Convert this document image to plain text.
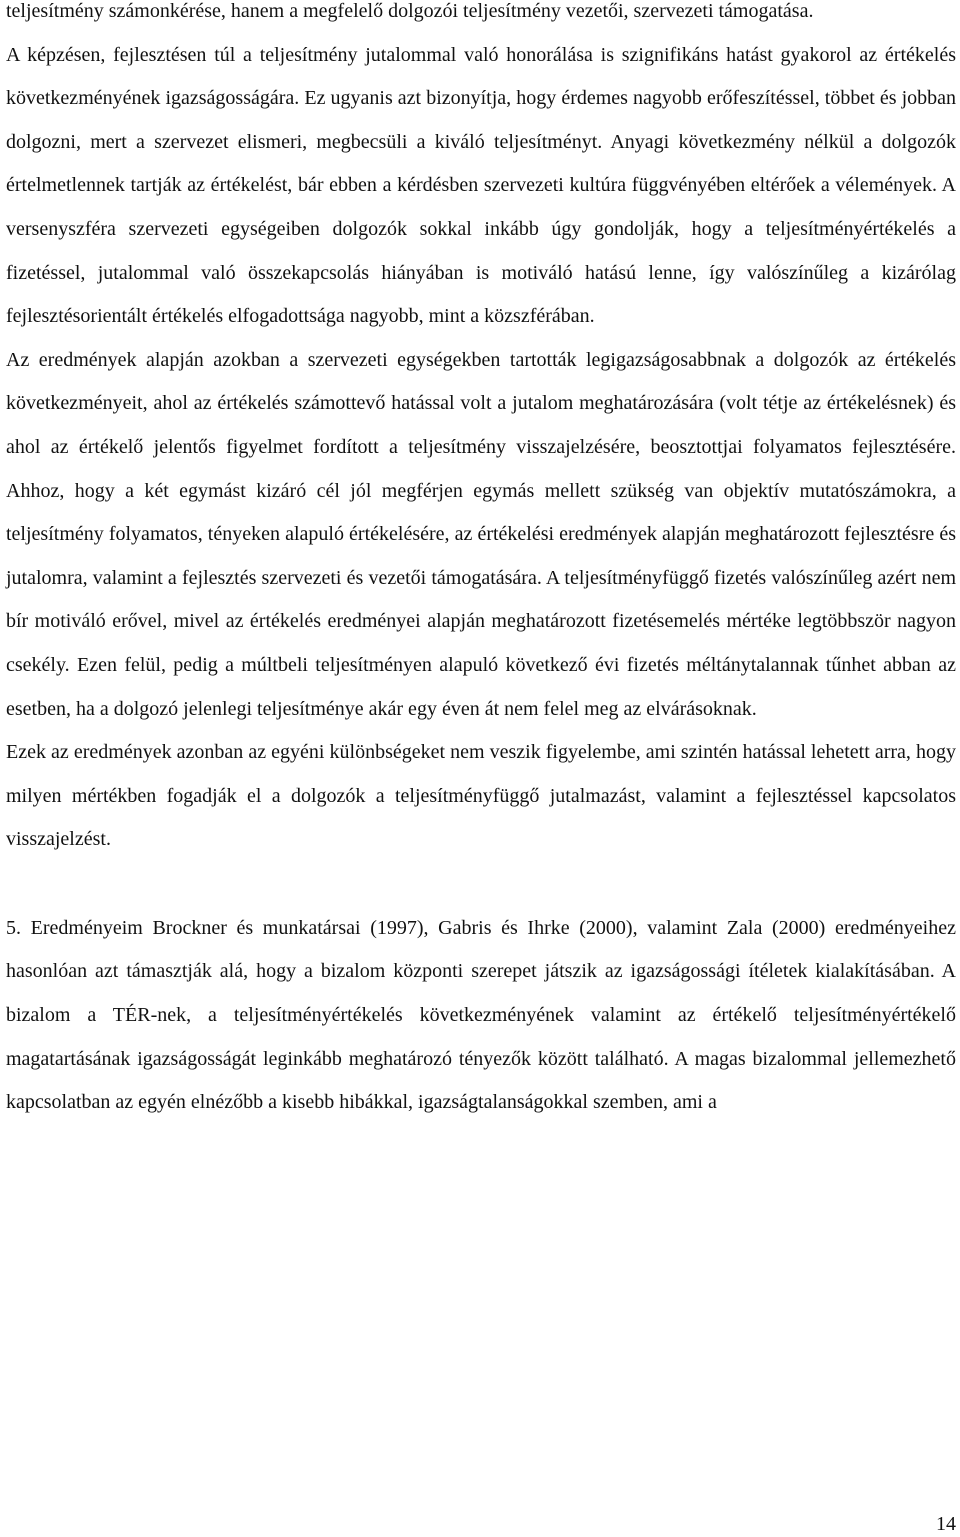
teljesítmény számonkérése, hanem a megfelelő dolgozói teljesítmény vezetői, szervezeti támogatása.

A képzésen, fejlesztésen túl a teljesítmény jutalommal való honorálása is szignifikáns hatást gyakorol az értékelés következményének igazságosságára. Ez ugyanis azt bizonyítja, hogy érdemes nagyobb erőfeszítéssel, többet és jobban dolgozni, mert a szervezet elismeri, megbecsüli a kiváló teljesítményt. Anyagi következmény nélkül a dolgozók értelmetlennek tartják az értékelést, bár ebben a kérdésben szervezeti kultúra függvényében eltérőek a vélemények. A versenyszféra szervezeti egységeiben dolgozók sokkal inkább úgy gondolják, hogy a teljesítményértékelés a fizetéssel, jutalommal való összekapcsolás hiányában is motiváló hatású lenne, így valószínűleg a kizárólag fejlesztésorientált értékelés elfogadottsága nagyobb, mint a közszférában.

Az eredmények alapján azokban a szervezeti egységekben tartották legigazságosabbnak a dolgozók az értékelés következményeit, ahol az értékelés számottevő hatással volt a jutalom meghatározására (volt tétje az értékelésnek) és ahol az értékelő jelentős figyelmet fordított a teljesítmény visszajelzésére, beosztottjai folyamatos fejlesztésére. Ahhoz, hogy a két egymást kizáró cél jól megférjen egymás mellett szükség van objektív mutatószámokra, a teljesítmény folyamatos, tényeken alapuló értékelésére, az értékelési eredmények alapján meghatározott fejlesztésre és jutalomra, valamint a fejlesztés szervezeti és vezetői támogatására. A teljesítményfüggő fizetés valószínűleg azért nem bír motiváló erővel, mivel az értékelés eredményei alapján meghatározott fizetésemelés mértéke legtöbbször nagyon csekély. Ezen felül, pedig a múltbeli teljesítményen alapuló következő évi fizetés méltánytalannak tűnhet abban az esetben, ha a dolgozó jelenlegi teljesítménye akár egy éven át nem felel meg az elvárásoknak.

Ezek az eredmények azonban az egyéni különbségeket nem veszik figyelembe, ami szintén hatással lehetett arra, hogy milyen mértékben fogadják el a dolgozók a teljesítményfüggő jutalmazást, valamint a fejlesztéssel kapcsolatos visszajelzést.

5. Eredményeim Brockner és munkatársai (1997), Gabris és Ihrke (2000), valamint Zala (2000) eredményeihez hasonlóan azt támasztják alá, hogy a bizalom központi szerepet játszik az igazságossági ítéletek kialakításában. A bizalom a TÉR-nek, a teljesítményértékelés következményének valamint az értékelő teljesítményértékelő magatartásának igazságosságát leginkább meghatározó tényezők között található. A magas bizalommal jellemezhető kapcsolatban az egyén elnézőbb a kisebb hibákkal, igazságtalanságokkal szemben, ami a

14
